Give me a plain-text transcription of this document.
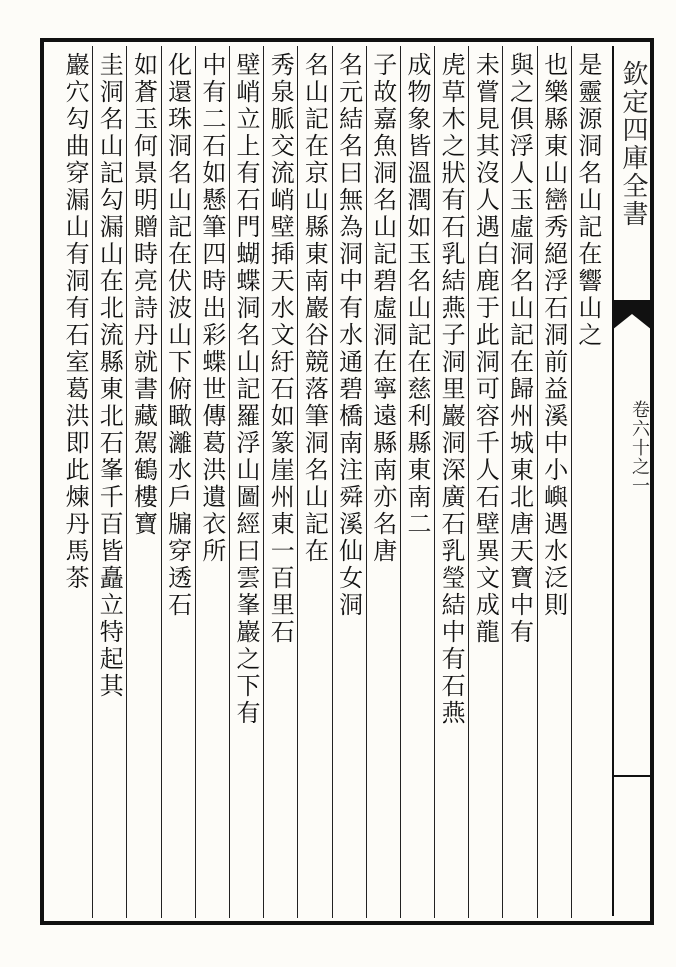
欽定四庫全書
卷六十之一
是靈源洞名山記在響山之
也樂縣東山巒秀絕浮石洞前益溪中小嶼遇水泛則
與之俱浮人玉虛洞名山記在歸州城東北唐天寶中有
未嘗見其沒人遇白鹿于此洞可容千人石壁異文成龍
虎草木之狀有石乳結燕子洞里巖洞深廣石乳瑩結中有石燕
成物象皆溫潤如玉名山記在慈利縣東南二
子故嘉魚洞名山記碧虛洞在寧遠縣南亦名唐
名元結名曰無為洞中有水通碧橋南注舜溪仙女洞
名山記在京山縣東南巖谷競落筆洞名山記在
秀泉脈交流峭壁揷天水文紆石如篆崖州東一百里石
壁峭立上有石門蝴蝶洞名山記羅浮山圖經曰雲峯巖之下有
中有二石如懸筆四時出彩蝶世傳葛洪遺衣所
化還珠洞名山記在伏波山下俯瞰灕水戶牖穿透石
如蒼玉何景明贈時亮詩丹就書藏駕鶴樓寶
圭洞名山記勾漏山在北流縣東北石峯千百皆矗立特起其
巖穴勾曲穿漏山有洞有石室葛洪即此煉丹馬茶
